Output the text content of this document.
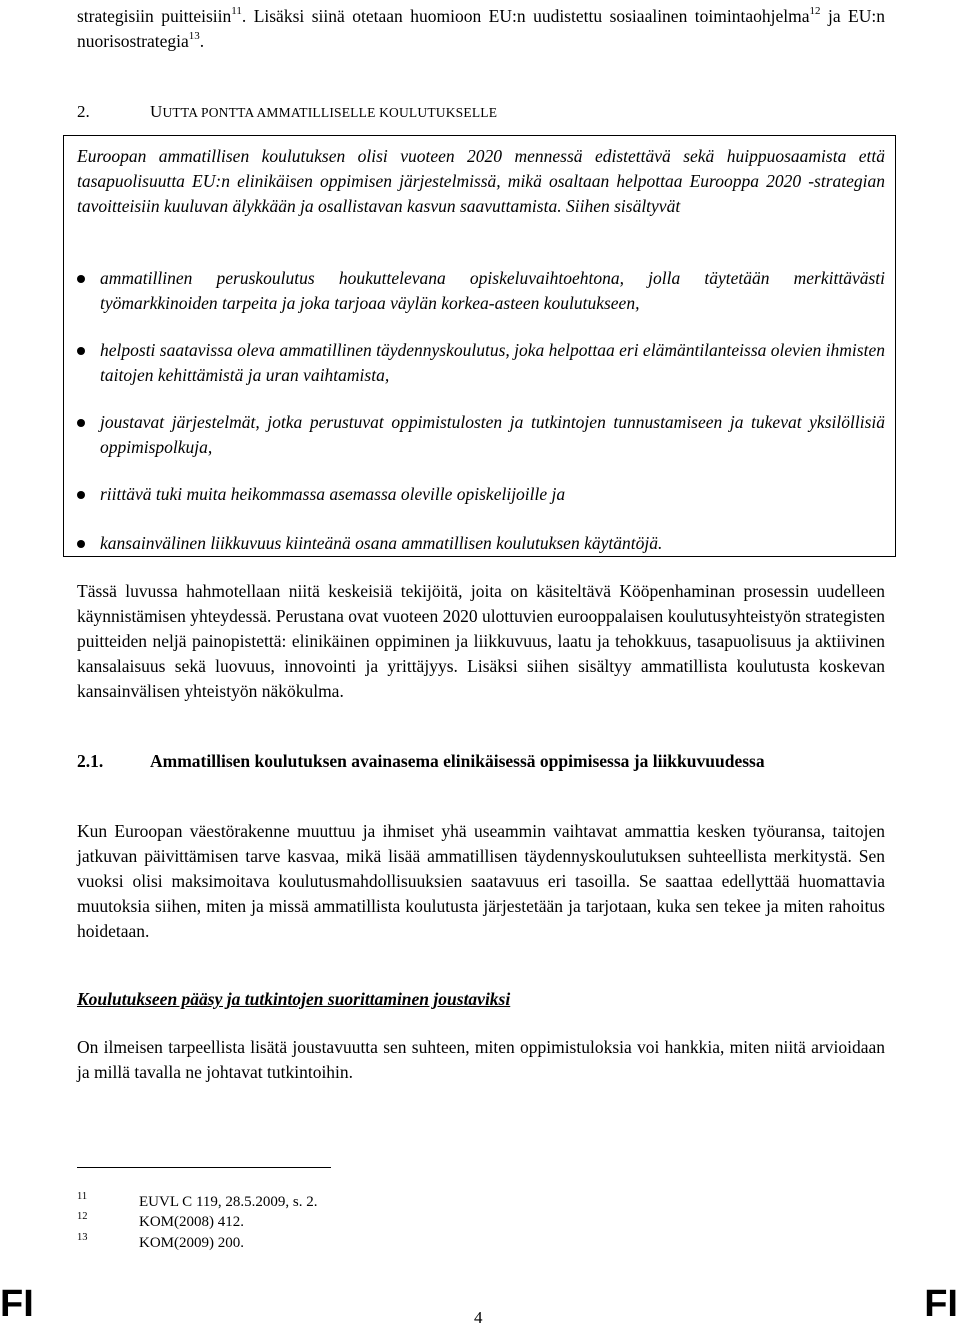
strategisiin puitteisiin$^{11}$. Lisäksi siinä otetaan huomioon EU:n uudistettu sosiaalinen toimintaohjelma$^{12}$ ja EU:n nuorisostrategia$^{13}$.
2.	UUTTA PONTTA AMMATILLISELLE KOULUTUKSELLE
Euroopan ammatillisen koulutuksen olisi vuoteen 2020 mennessä edistettävä sekä huippuosaamista että tasapuolisuutta EU:n elinikäisen oppimisen järjestelmissä, mikä osaltaan helpottaa Eurooppa 2020 -strategian tavoitteisiin kuuluvan älykkään ja osallistavan kasvun saavuttamista. Siihen sisältyvät
ammatillinen peruskoulutus houkuttelevana opiskeluvaihtoehtona, jolla täytetään merkittävästi työmarkkinoiden tarpeita ja joka tarjoaa väylän korkea-asteen koulutukseen,
helposti saatavissa oleva ammatillinen täydennyskoulutus, joka helpottaa eri elämäntilanteissa olevien ihmisten taitojen kehittämistä ja uran vaihtamista,
joustavat järjestelmät, jotka perustuvat oppimistulosten ja tutkintojen tunnustamiseen ja tukevat yksilöllisiä oppimispolkuja,
riittävä tuki muita heikommassa asemassa oleville opiskelijoille ja
kansainvälinen liikkuvuus kiinteänä osana ammatillisen koulutuksen käytäntöjä.
Tässä luvussa hahmotellaan niitä keskeisiä tekijöitä, joita on käsiteltävä Kööpenhaminan prosessin uudelleen käynnistämisen yhteydessä. Perustana ovat vuoteen 2020 ulottuvien eurooppalaisen koulutusyhteistyön strategisten puitteiden neljä painopistettä: elinikäinen oppiminen ja liikkuvuus, laatu ja tehokkuus, tasapuolisuus ja aktiivinen kansalaisuus sekä luovuus, innovointi ja yrittäjyys. Lisäksi siihen sisältyy ammatillista koulutusta koskevan kansainvälisen yhteistyön näkökulma.
2.1.	Ammatillisen koulutuksen avainasema elinikäisessä oppimisessa ja liikkuvuudessa
Kun Euroopan väestörakenne muuttuu ja ihmiset yhä useammin vaihtavat ammattia kesken työuransa, taitojen jatkuvan päivittämisen tarve kasvaa, mikä lisää ammatillisen täydennyskoulutuksen suhteellista merkitystä. Sen vuoksi olisi maksimoitava koulutusmahdollisuuksien saatavuus eri tasoilla. Se saattaa edellyttää huomattavia muutoksia siihen, miten ja missä ammatillista koulutusta järjestetään ja tarjotaan, kuka sen tekee ja miten rahoitus hoidetaan.
Koulutukseen pääsy ja tutkintojen suorittaminen joustaviksi
On ilmeisen tarpeellista lisätä joustavuutta sen suhteen, miten oppimistuloksia voi hankkia, miten niitä arvioidaan ja millä tavalla ne johtavat tutkintoihin.
11	EUVL C 119, 28.5.2009, s. 2.
12	KOM(2008) 412.
13	KOM(2009) 200.
FI	4	FI
